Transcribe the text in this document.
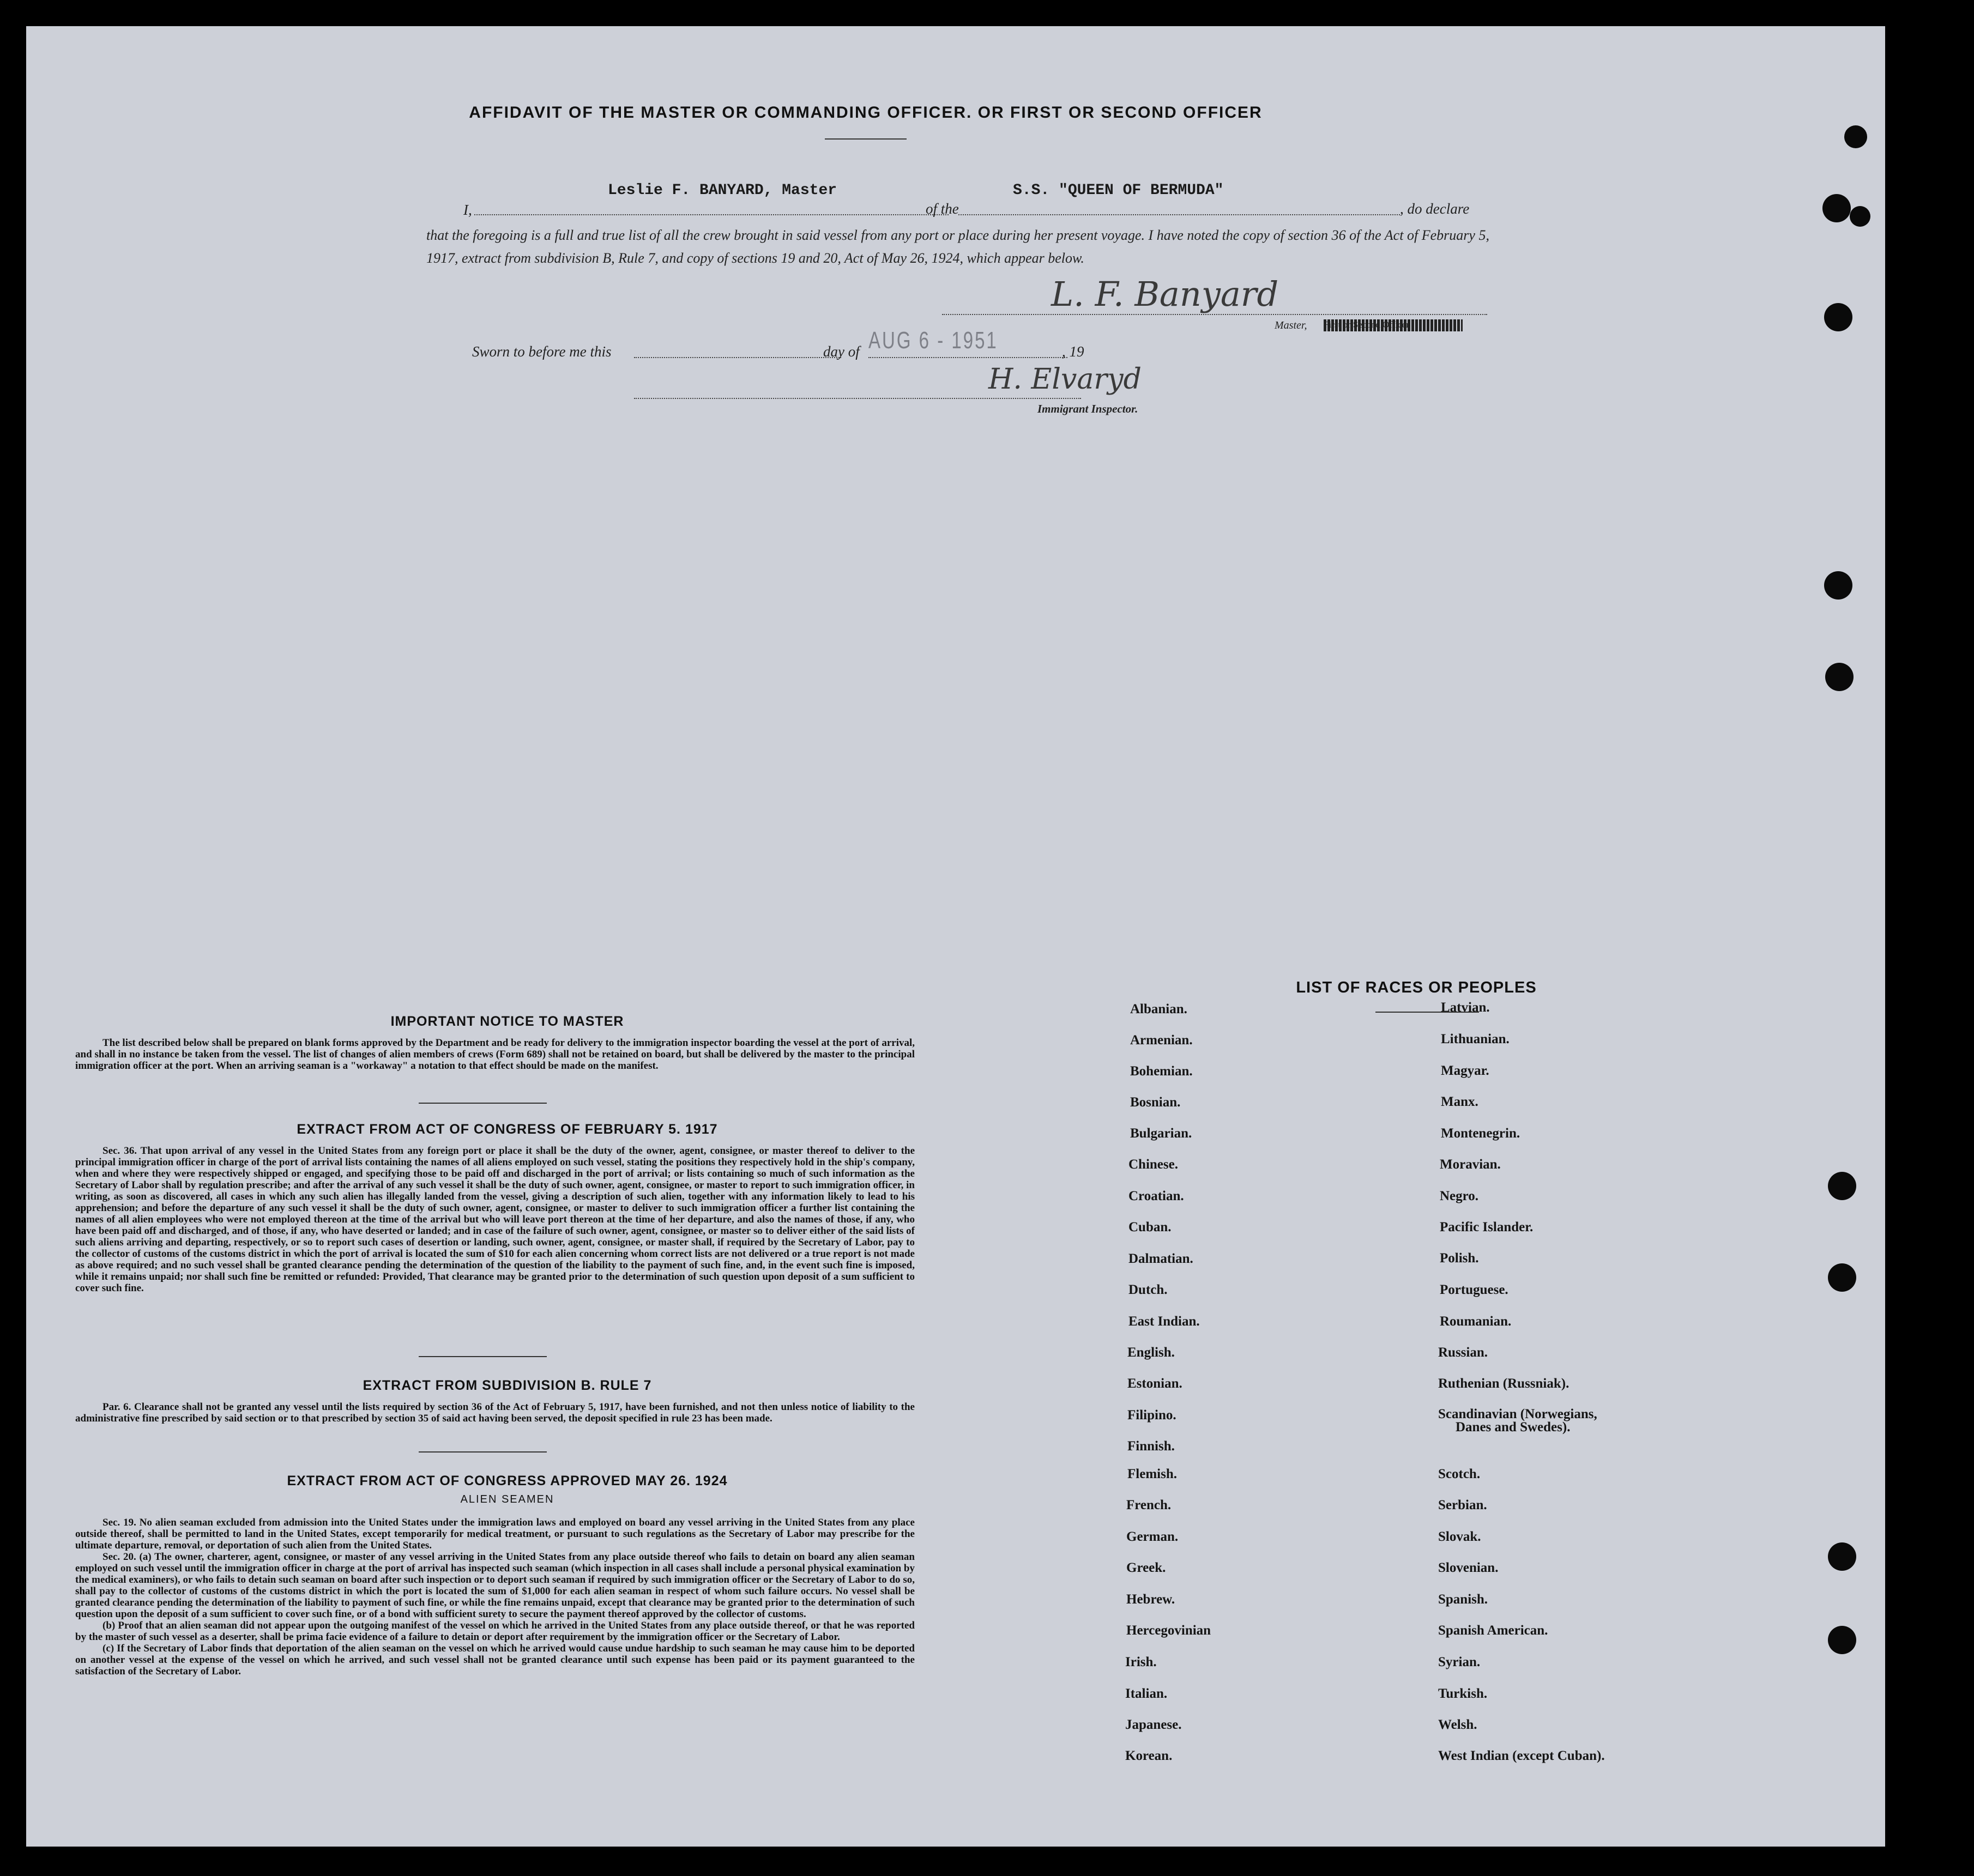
AFFIDAVIT OF THE MASTER OR COMMANDING OFFICER. OR FIRST OR SECOND OFFICER
I,
Leslie F. BANYARD, Master
of the
S.S. "QUEEN OF BERMUDA"
, do declare
that the foregoing is a full and true list of all the crew brought in said vessel from any port or place during her present voyage. I have noted the copy of section 36 of the Act of February 5, 1917, extract from subdivision B, Rule 7, and copy of sections 19 and 20, Act of May 26, 1924, which appear below.
L. F. Banyard
Master, First or Second Officer
Sworn to before me this	day of AUG 6 - 1951	, 19
H. Elvaryd
Immigrant Inspector.
IMPORTANT NOTICE TO MASTER

The list described below shall be prepared on blank forms approved by the Department and be ready for delivery to the immigration inspector boarding the vessel at the port of arrival, and shall in no instance be taken from the vessel. The list of changes of alien members of crews (Form 689) shall not be retained on board, but shall be delivered by the master to the principal immigration officer at the port. When an arriving seaman is a "workaway" a notation to that effect should be made on the manifest.

EXTRACT FROM ACT OF CONGRESS OF FEBRUARY 5. 1917

Sec. 36. That upon arrival of any vessel in the United States from any foreign port or place it shall be the duty of the owner, agent, consignee, or master thereof to deliver to the principal immigration officer in charge of the port of arrival lists containing the names of all aliens employed on such vessel, stating the positions they respectively hold in the ship's company, when and where they were respectively shipped or engaged, and specifying those to be paid off and discharged in the port of arrival; or lists containing so much of such information as the Secretary of Labor shall by regulation prescribe; and after the arrival of any such vessel it shall be the duty of such owner, agent, consignee, or master to report to such immigration officer, in writing, as soon as discovered, all cases in which any such alien has illegally landed from the vessel, giving a description of such alien, together with any information likely to lead to his apprehension; and before the departure of any such vessel it shall be the duty of such owner, agent, consignee, or master to deliver to such immigration officer a further list containing the names of all alien employees who were not employed thereon at the time of the arrival but who will leave port thereon at the time of her departure, and also the names of those, if any, who have been paid off and discharged, and of those, if any, who have deserted or landed; and in case of the failure of such owner, agent, consignee, or master so to deliver either of the said lists of such aliens arriving and departing, respectively, or so to report such cases of desertion or landing, such owner, agent, consignee, or master shall, if required by the Secretary of Labor, pay to the collector of customs of the customs district in which the port of arrival is located the sum of $10 for each alien concerning whom correct lists are not delivered or a true report is not made as above required; and no such vessel shall be granted clearance pending the determination of the question of the liability to the payment of such fine, and, in the event such fine is imposed, while it remains unpaid; nor shall such fine be remitted or refunded: Provided, That clearance may be granted prior to the determination of such question upon deposit of a sum sufficient to cover such fine.

EXTRACT FROM SUBDIVISION B. RULE 7

Par. 6. Clearance shall not be granted any vessel until the lists required by section 36 of the Act of February 5, 1917, have been furnished, and not then unless notice of liability to the administrative fine prescribed by said section or to that prescribed by section 35 of said act having been served, the deposit specified in rule 23 has been made.

EXTRACT FROM ACT OF CONGRESS APPROVED MAY 26. 1924
ALIEN SEAMEN

Sec. 19. No alien seaman excluded from admission into the United States under the immigration laws and employed on board any vessel arriving in the United States from any place outside thereof, shall be permitted to land in the United States, except temporarily for medical treatment, or pursuant to such regulations as the Secretary of Labor may prescribe for the ultimate departure, removal, or deportation of such alien from the United States.

Sec. 20. (a) The owner, charterer, agent, consignee, or master of any vessel arriving in the United States from any place outside thereof who fails to detain on board any alien seaman employed on such vessel until the immigration officer in charge at the port of arrival has inspected such seaman (which inspection in all cases shall include a personal physical examination by the medical examiners), or who fails to detain such seaman on board after such inspection or to deport such seaman if required by such immigration officer or the Secretary of Labor to do so, shall pay to the collector of customs of the customs district in which the port is located the sum of $1,000 for each alien seaman in respect of whom such failure occurs. No vessel shall be granted clearance pending the determination of the liability to payment of such fine, or while the fine remains unpaid, except that clearance may be granted prior to the determination of such question upon the deposit of a sum sufficient to cover such fine, or of a bond with sufficient surety to secure the payment thereof approved by the collector of customs.

(b) Proof that an alien seaman did not appear upon the outgoing manifest of the vessel on which he arrived in the United States from any place outside thereof, or that he was reported by the master of such vessel as a deserter, shall be prima facie evidence of a failure to detain or deport after requirement by the immigration officer or the Secretary of Labor.

(c) If the Secretary of Labor finds that deportation of the alien seaman on the vessel on which he arrived would cause undue hardship to such seaman he may cause him to be deported on another vessel at the expense of the vessel on which he arrived, and such vessel shall not be granted clearance until such expense has been paid or its payment guaranteed to the satisfaction of the Secretary of Labor.

LIST OF RACES OR PEOPLES
Albanian.
Armenian.
Bohemian.
Bosnian.
Bulgarian.
Chinese.
Croatian.
Cuban.
Dalmatian.
Dutch.
East Indian.
English.
Estonian.
Filipino.
Finnish.
Flemish.
French.
German.
Greek.
Hebrew.
Hercegovinian
Irish.
Italian.
Japanese.
Korean.
Latvian.
Lithuanian.
Magyar.
Manx.
Montenegrin.
Moravian.
Negro.
Pacific Islander.
Polish.
Portuguese.
Roumanian.
Russian.
Ruthenian (Russniak).
Scandinavian (Norwegians,
Danes and Swedes).
Scotch.
Serbian.
Slovak.
Slovenian.
Spanish.
Spanish American.
Syrian.
Turkish.
Welsh.
West Indian (except Cuban).
